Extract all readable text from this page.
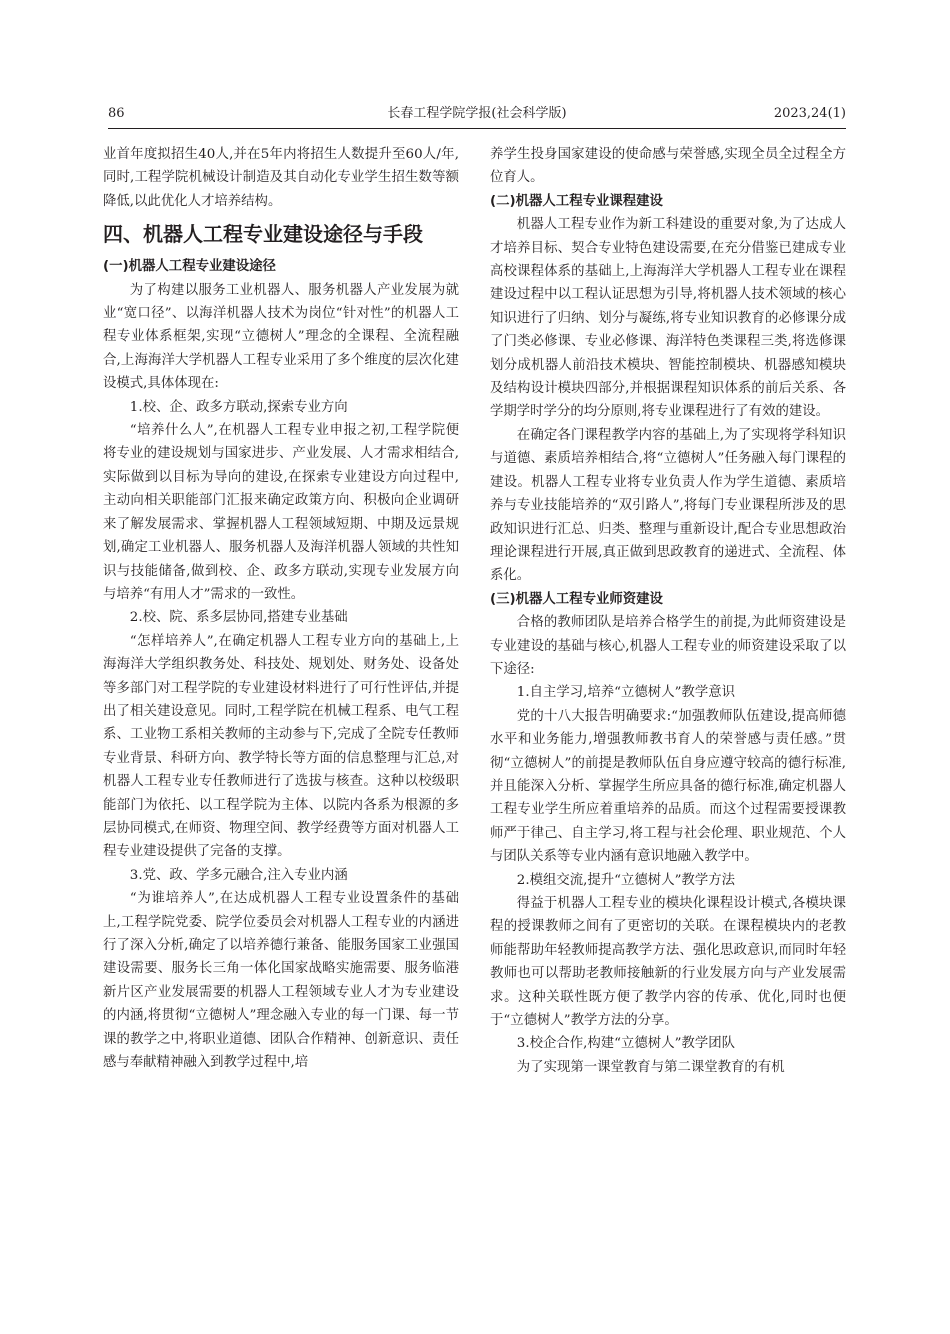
86	长春工程学院学报(社会科学版)	2023,24(1)

业首年度拟招生40人,并在5年内将招生人数提升至60人/年,同时,工程学院机械设计制造及其自动化专业学生招生数等额降低,以此优化人才培养结构。

四、机器人工程专业建设途径与手段
(一)机器人工程专业建设途径

为了构建以服务工业机器人、服务机器人产业发展为就业“宽口径”、以海洋机器人技术为岗位“针对性”的机器人工程专业体系框架,实现“立德树人”理念的全课程、全流程融合,上海海洋大学机器人工程专业采用了多个维度的层次化建设模式,具体体现在:

1.校、企、政多方联动,探索专业方向

“培养什么人”,在机器人工程专业申报之初,工程学院便将专业的建设规划与国家进步、产业发展、人才需求相结合,实际做到以目标为导向的建设,在探索专业建设方向过程中,主动向相关职能部门汇报来确定政策方向、积极向企业调研来了解发展需求、掌握机器人工程领域短期、中期及远景规划,确定工业机器人、服务机器人及海洋机器人领域的共性知识与技能储备,做到校、企、政多方联动,实现专业发展方向与培养“有用人才”需求的一致性。

2.校、院、系多层协同,搭建专业基础

“怎样培养人”,在确定机器人工程专业方向的基础上,上海海洋大学组织教务处、科技处、规划处、财务处、设备处等多部门对工程学院的专业建设材料进行了可行性评估,并提出了相关建设意见。同时,工程学院在机械工程系、电气工程系、工业物工系相关教师的主动参与下,完成了全院专任教师专业背景、科研方向、教学特长等方面的信息整理与汇总,对机器人工程专业专任教师进行了选拔与核查。这种以校级职能部门为依托、以工程学院为主体、以院内各系为根源的多层协同模式,在师资、物理空间、教学经费等方面对机器人工程专业建设提供了完备的支撑。

3.党、政、学多元融合,注入专业内涵

“为谁培养人”,在达成机器人工程专业设置条件的基础上,工程学院党委、院学位委员会对机器人工程专业的内涵进行了深入分析,确定了以培养德行兼备、能服务国家工业强国建设需要、服务长三角一体化国家战略实施需要、服务临港新片区产业发展需要的机器人工程领域专业人才为专业建设的内涵,将贯彻“立德树人”理念融入专业的每一门课、每一节课的教学之中,将职业道德、团队合作精神、创新意识、责任感与奉献精神融入到教学过程中,培

养学生投身国家建设的使命感与荣誉感,实现全员全过程全方位育人。

(二)机器人工程专业课程建设

机器人工程专业作为新工科建设的重要对象,为了达成人才培养目标、契合专业特色建设需要,在充分借鉴已建成专业高校课程体系的基础上,上海海洋大学机器人工程专业在课程建设过程中以工程认证思想为引导,将机器人技术领域的核心知识进行了归纳、划分与凝练,将专业知识教育的必修课分成了门类必修课、专业必修课、海洋特色类课程三类,将选修课划分成机器人前沿技术模块、智能控制模块、机器感知模块及结构设计模块四部分,并根据课程知识体系的前后关系、各学期学时学分的均分原则,将专业课程进行了有效的建设。

在确定各门课程教学内容的基础上,为了实现将学科知识与道德、素质培养相结合,将“立德树人”任务融入每门课程的建设。机器人工程专业将专业负责人作为学生道德、素质培养与专业技能培养的“双引路人”,将每门专业课程所涉及的思政知识进行汇总、归类、整理与重新设计,配合专业思想政治理论课程进行开展,真正做到思政教育的递进式、全流程、体系化。

(三)机器人工程专业师资建设

合格的教师团队是培养合格学生的前提,为此师资建设是专业建设的基础与核心,机器人工程专业的师资建设采取了以下途径:

1.自主学习,培养“立德树人”教学意识

党的十八大报告明确要求:“加强教师队伍建设,提高师德水平和业务能力,增强教师教书育人的荣誉感与责任感。”贯彻“立德树人”的前提是教师队伍自身应遵守较高的德行标准,并且能深入分析、掌握学生所应具备的德行标准,确定机器人工程专业学生所应着重培养的品质。而这个过程需要授课教师严于律己、自主学习,将工程与社会伦理、职业规范、个人与团队关系等专业内涵有意识地融入教学中。

2.模组交流,提升“立德树人”教学方法

得益于机器人工程专业的模块化课程设计模式,各模块课程的授课教师之间有了更密切的关联。在课程模块内的老教师能帮助年轻教师提高教学方法、强化思政意识,而同时年轻教师也可以帮助老教师接触新的行业发展方向与产业发展需求。这种关联性既方便了教学内容的传承、优化,同时也便于“立德树人”教学方法的分享。

3.校企合作,构建“立德树人”教学团队

为了实现第一课堂教育与第二课堂教育的有机
